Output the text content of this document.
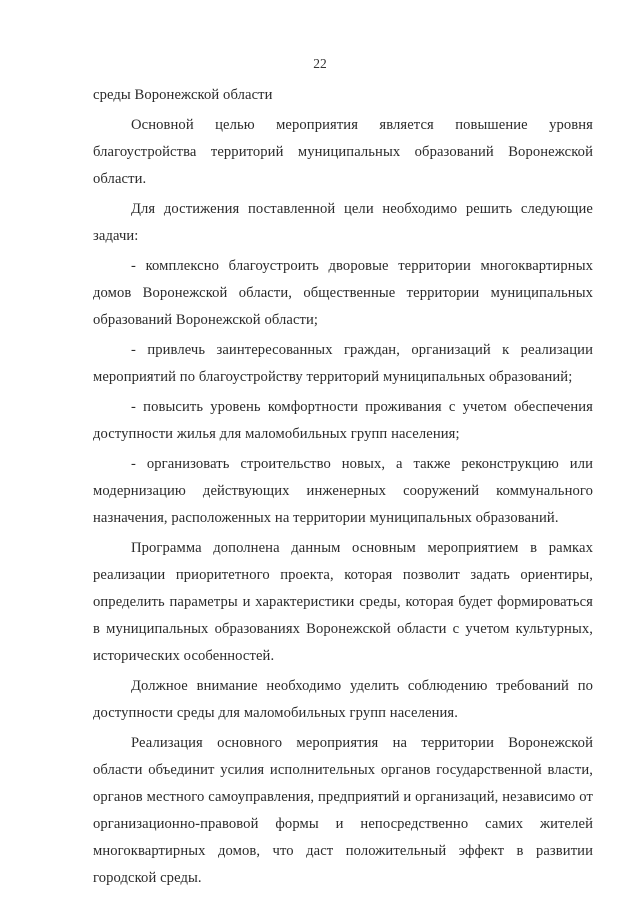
22

среды Воронежской области

Основной целью мероприятия является повышение уровня благоустройства территорий муниципальных образований Воронежской области.

Для достижения поставленной цели необходимо решить следующие задачи:

- комплексно благоустроить дворовые территории многоквартирных домов Воронежской области, общественные территории муниципальных образований Воронежской области;

- привлечь заинтересованных граждан, организаций к реализации мероприятий по благоустройству территорий муниципальных образований;

- повысить уровень комфортности проживания с учетом обеспечения доступности жилья для маломобильных групп населения;

- организовать строительство новых, а также реконструкцию или модернизацию действующих инженерных сооружений коммунального назначения, расположенных на территории муниципальных образований.

Программа дополнена данным основным мероприятием в рамках реализации приоритетного проекта, которая позволит задать ориентиры, определить параметры и характеристики среды, которая будет формироваться в муниципальных образованиях Воронежской области с учетом культурных, исторических особенностей.

Должное внимание необходимо уделить соблюдению требований по доступности среды для маломобильных групп населения.

Реализация основного мероприятия на территории Воронежской области объединит усилия исполнительных органов государственной власти, органов местного самоуправления, предприятий и организаций, независимо от организационно-правовой формы и непосредственно самих жителей многоквартирных домов, что даст положительный эффект в развитии городской среды.
